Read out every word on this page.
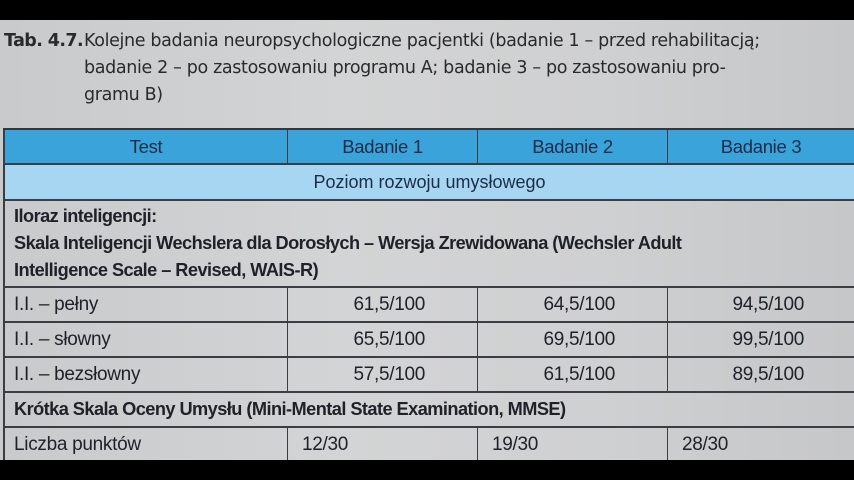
Tab. 4.7. Kolejne badania neuropsychologiczne pacjentki (badanie 1 – przed rehabilitacją;
badanie 2 – po zastosowaniu programu A; badanie 3 – po zastosowaniu pro-
gramu B)
Test	Badanie 1	Badanie 2	Badanie 3
Poziom rozwoju umysłowego
Iloraz inteligencji:
Skala Inteligencji Wechslera dla Dorosłych – Wersja Zrewidowana (Wechsler Adult
Intelligence Scale – Revised, WAIS-R)
I.I. – pełny	61,5/100	64,5/100	94,5/100
I.I. – słowny	65,5/100	69,5/100	99,5/100
I.I. – bezsłowny	57,5/100	61,5/100	89,5/100
Krótka Skala Oceny Umysłu (Mini-Mental State Examination, MMSE)
Liczba punktów	12/30	19/30	28/30
